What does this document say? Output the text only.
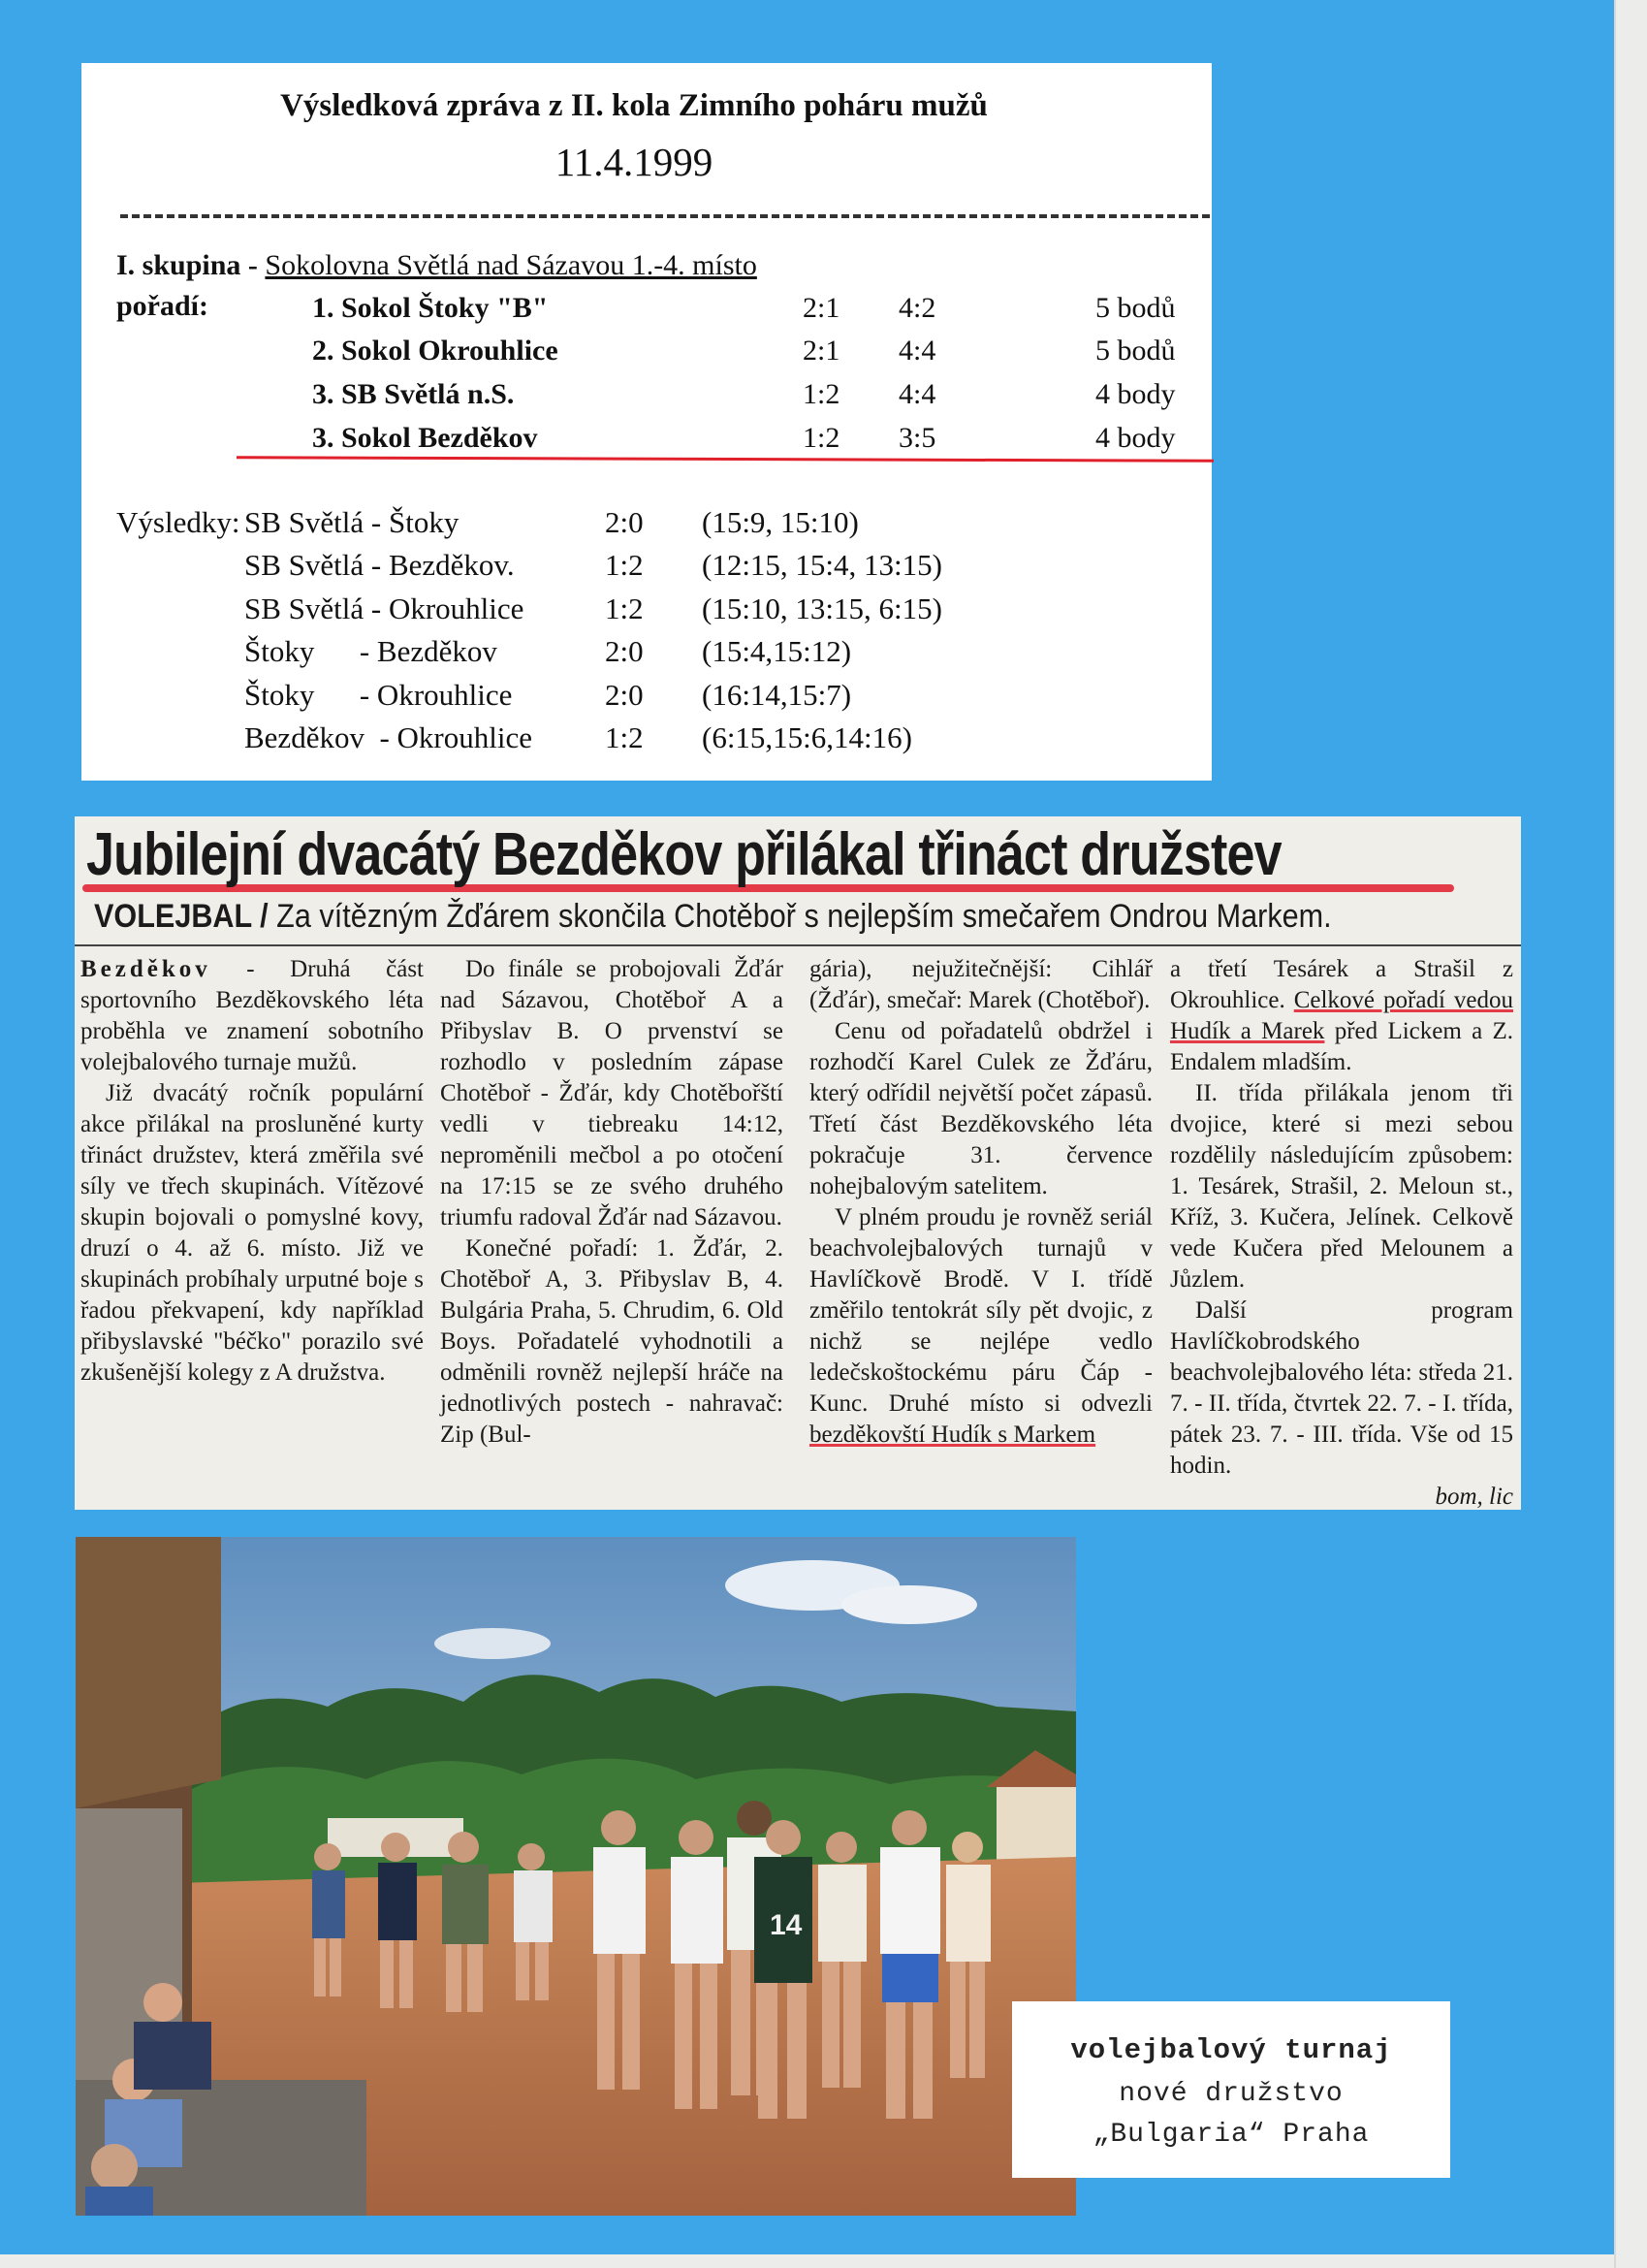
Výsledková zpráva z II. kola Zimního poháru mužů
11.4.1999
I. skupina - Sokolovna Světlá nad Sázavou 1.-4. místo
pořadí:	1. Sokol Štoky "B"	2:1 4:2	5 bodů
2. Sokol Okrouhlice	2:1 4:4	5 bodů
3. SB Světlá n.S.	1:2 4:4	4 body
3. Sokol Bezděkov	1:2 3:5	4 body
Výsledky: SB Světlá - Štoky	2:0 (15:9, 15:10)
SB Světlá - Bezděkov.	1:2 (12:15, 15:4, 13:15)
SB Světlá - Okrouhlice	1:2 (15:10, 13:15, 6:15)
Štoky      - Bezděkov	2:0 (15:4,15:12)
Štoky      - Okrouhlice	2:0 (16:14,15:7)
Bezděkov  - Okrouhlice 1:2 (6:15,15:6,14:16)
Jubilejní dvacátý Bezděkov přilákal třináct družstev
VOLEJBAL / Za vítězným Žďárem skončila Chotěboř s nejlepším smečařem Ondrou Markem.

Bezděkov - Druhá část sportovního Bezděkovského léta proběhla ve znamení sobotního volejbalového turnaje mužů.

Již dvacátý ročník populární akce přilákal na prosluněné kurty třináct družstev, která změřila své síly ve třech skupinách. Vítězové skupin bojovali o pomyslné kovy, druzí o 4. až 6. místo. Již ve skupinách probíhaly urputné boje s řadou překvapení, kdy například přibyslavské "béčko" porazilo své zkušenější kolegy z A družstva.

Do finále se probojovali Žďár nad Sázavou, Chotěboř A a Přibyslav B. O prvenství se rozhodlo v posledním zápase Chotěboř - Žďár, kdy Chotěbořští vedli v tiebreaku 14:12, neproměnili mečbol a po otočení na 17:15 se ze svého druhého triumfu radoval Žďár nad Sázavou.

Konečné pořadí: 1. Žďár, 2. Chotěboř A, 3. Přibyslav B, 4. Bulgária Praha, 5. Chrudim, 6. Old Boys. Pořadatelé vyhodnotili a odměnili rovněž nejlepší hráče na jednotlivých postech - nahravač: Zip (Bul-

gária), nejužitečnější: Cihlář (Žďár), smečař: Marek (Chotěboř).

Cenu od pořadatelů obdržel i rozhodčí Karel Culek ze Žďáru, který odřídil největší počet zápasů. Třetí část Bezděkovského léta pokračuje 31. července nohejbalovým satelitem.

V plném proudu je rovněž seriál beachvolejbalových turnajů v Havlíčkově Brodě. V I. třídě změřilo tentokrát síly pět dvojic, z nichž se nejlépe vedlo ledečskoštockému páru Čáp - Kunc. Druhé místo si odvezli bezděkovští Hudík s Markem

a třetí Tesárek a Strašil z Okrouhlice. Celkové pořadí vedou Hudík a Marek před Lickem a Z. Endalem mladším.

II. třída přilákala jenom tři dvojice, které si mezi sebou rozdělily následujícím způsobem: 1. Tesárek, Strašil, 2. Meloun st., Kříž, 3. Kučera, Jelínek. Celkově vede Kučera před Melounem a Jůzlem.

Další program Havlíčkobrodského beachvolejbalového léta: středa 21. 7. - II. třída, čtvrtek 22. 7. - I. třída, pátek 23. 7. - III. třída. Vše od 15 hodin.
bom, lic

14
volejbalový turnaj
nové družstvo
„Bulgaria“ Praha
